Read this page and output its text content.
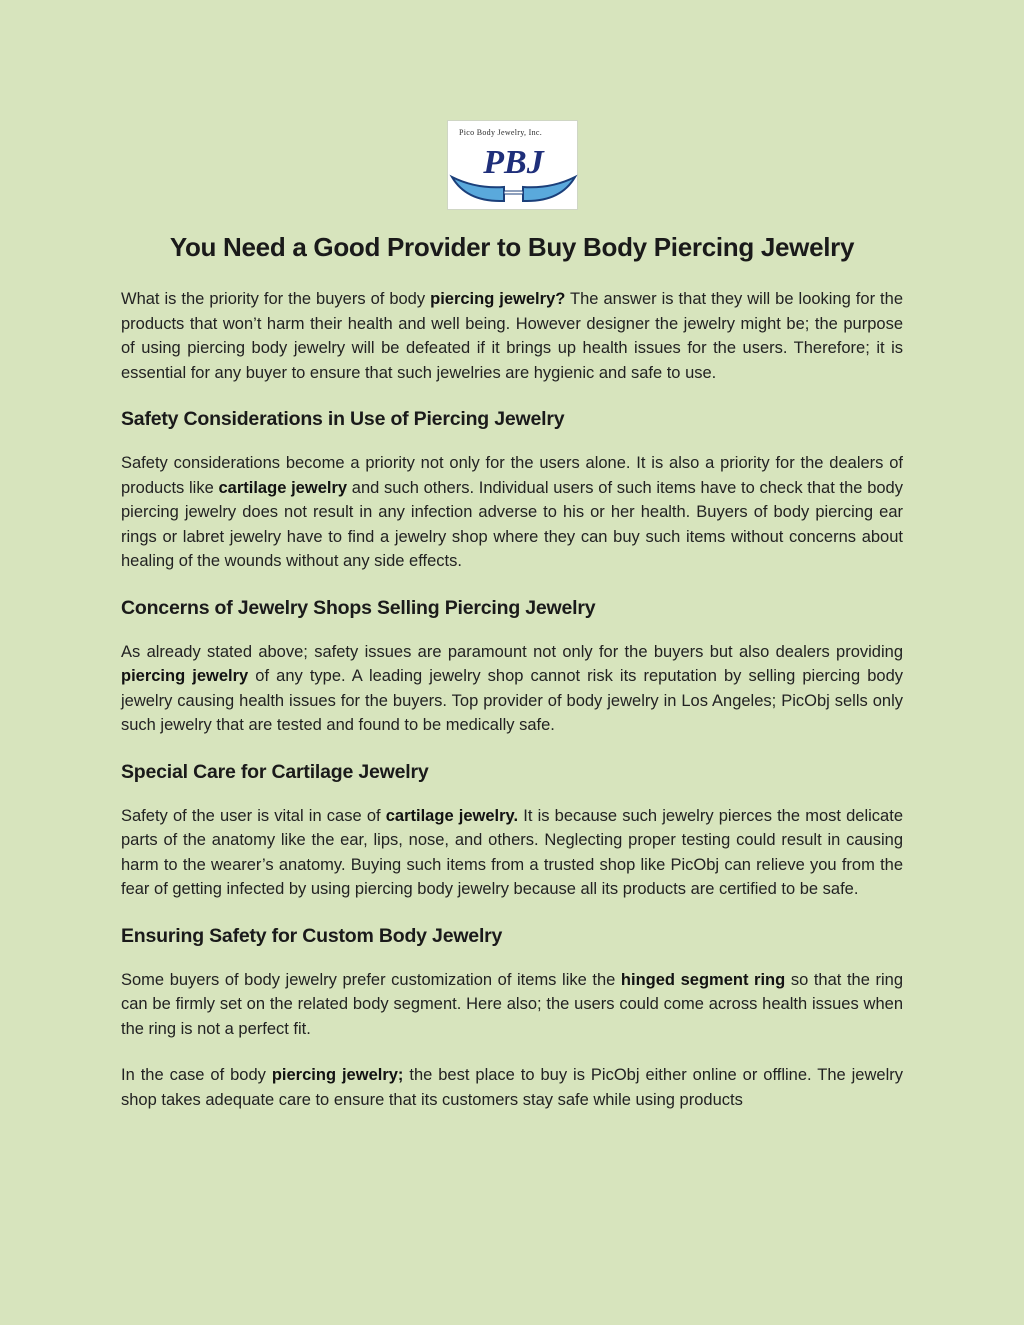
Pico Body Jewelry, Inc.
PBJ
You Need a Good Provider to Buy Body Piercing Jewelry

What is the priority for the buyers of body piercing jewelry? The answer is that they will be looking for the products that won’t harm their health and well being. However designer the jewelry might be; the purpose of using piercing body jewelry will be defeated if it brings up health issues for the users. Therefore; it is essential for any buyer to ensure that such jewelries are hygienic and safe to use.

Safety Considerations in Use of Piercing Jewelry

Safety considerations become a priority not only for the users alone. It is also a priority for the dealers of products like cartilage jewelry and such others. Individual users of such items have to check that the body piercing jewelry does not result in any infection adverse to his or her health. Buyers of body piercing ear rings or labret jewelry have to find a jewelry shop where they can buy such items without concerns about healing of the wounds without any side effects.

Concerns of Jewelry Shops Selling Piercing Jewelry

As already stated above; safety issues are paramount not only for the buyers but also dealers providing piercing jewelry of any type. A leading jewelry shop cannot risk its reputation by selling piercing body jewelry causing health issues for the buyers. Top provider of body jewelry in Los Angeles; PicObj sells only such jewelry that are tested and found to be medically safe.

Special Care for Cartilage Jewelry

Safety of the user is vital in case of cartilage jewelry. It is because such jewelry pierces the most delicate parts of the anatomy like the ear, lips, nose, and others. Neglecting proper testing could result in causing harm to the wearer’s anatomy. Buying such items from a trusted shop like PicObj can relieve you from the fear of getting infected by using piercing body jewelry because all its products are certified to be safe.

Ensuring Safety for Custom Body Jewelry

Some buyers of body jewelry prefer customization of items like the hinged segment ring so that the ring can be firmly set on the related body segment. Here also; the users could come across health issues when the ring is not a perfect fit.

In the case of body piercing jewelry; the best place to buy is PicObj either online or offline. The jewelry shop takes adequate care to ensure that its customers stay safe while using products
